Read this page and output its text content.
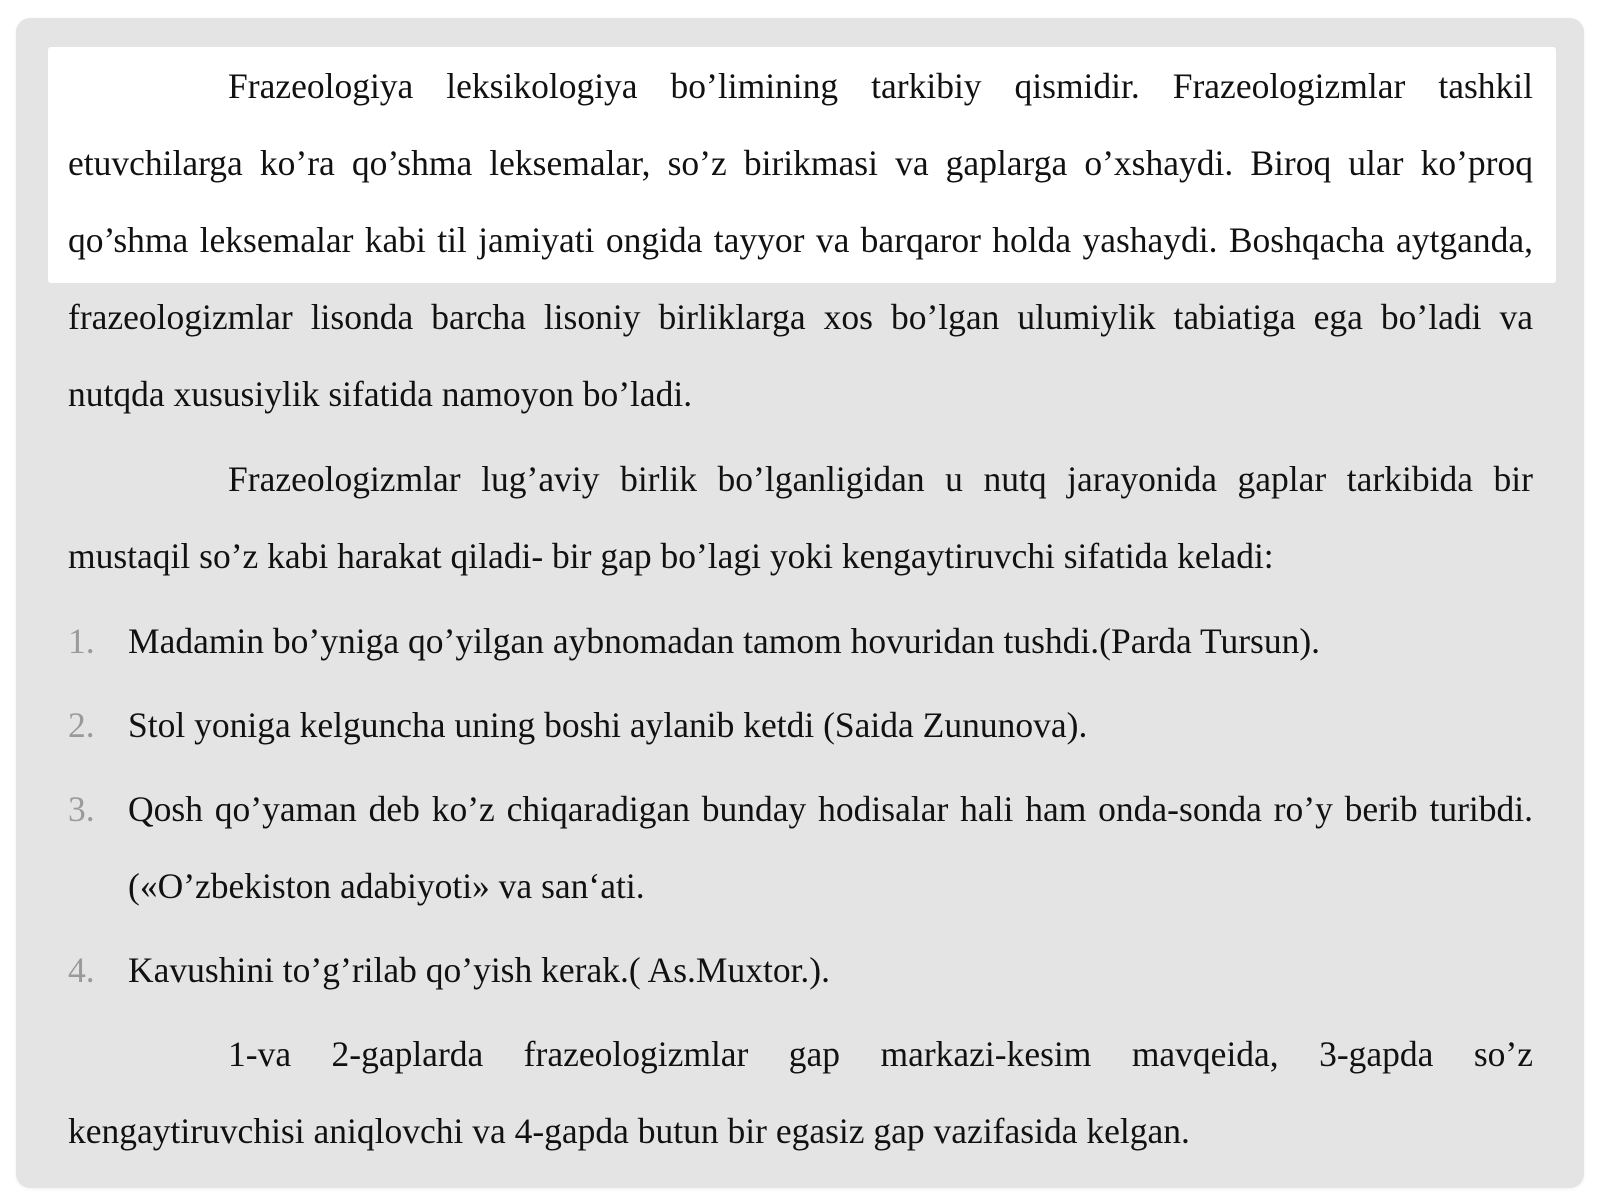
Frazeologiya leksikologiya bo’limining tarkibiy qismidir. Frazeologizmlar tashkil etuvchilarga ko’ra qo’shma leksemalar, so’z birikmasi va gaplarga o’xshaydi. Biroq ular ko’proq qo’shma leksemalar kabi til jamiyati ongida tayyor va barqaror holda yashaydi. Boshqacha aytganda, frazeologizmlar lisonda barcha lisoniy birliklarga xos bo’lgan ulumiylik tabiatiga ega bo’ladi va nutqda xususiylik sifatida namoyon bo’ladi.

Frazeologizmlar lug’aviy birlik bo’lganligidan u nutq jarayonida gaplar tarkibida bir mustaqil so’z kabi harakat qiladi- bir gap bo’lagi yoki kengaytiruvchi sifatida keladi:

1. Madamin bo’yniga qo’yilgan aybnomadan tamom hovuridan tushdi.(Parda Tursun).
2. Stol yoniga kelguncha uning boshi aylanib ketdi (Saida Zununova).
3. Qosh qo’yaman deb ko’z chiqaradigan bunday hodisalar hali ham onda-sonda ro’y berib turibdi.(«O’zbekiston adabiyoti» va san‘ati.
4. Kavushini to’g’rilab qo’yish kerak.( As.Muxtor.).

1-va 2-gaplarda frazeologizmlar gap markazi-kesim mavqeida, 3-gapda so’z kengaytiruvchisi aniqlovchi va 4-gapda butun bir egasiz gap vazifasida kelgan.
